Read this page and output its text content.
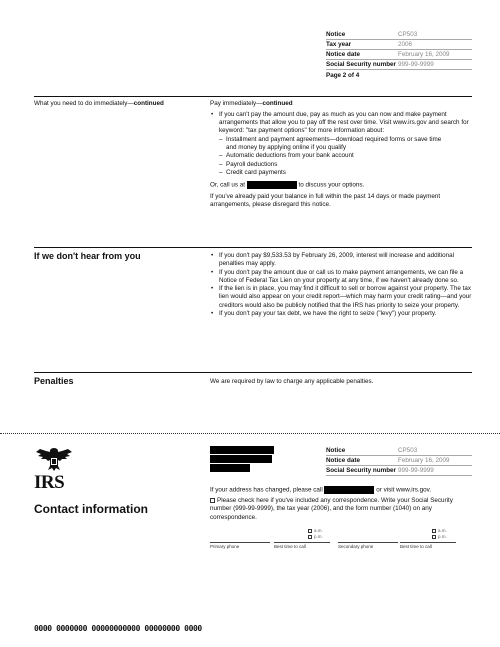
Notice	CP503
Tax year	2006
Notice date	February 16, 2009
Social Security number 999-99-9999
Page 2 of 4
What you need to do immediately—continued	Pay immediately—continued

• If you can't pay the amount due, pay as much as you can now and make payment arrangements that allow you to pay off the rest over time. Visit www.irs.gov and search for keyword: "tax payment options" for more information about:
– Installment and payment agreements—download required forms or save time
and money by applying online if you qualify
– Automatic deductions from your bank account
– Payroll deductions
– Credit card payments

Or, call us at	to discuss your options.

If you've already paid your balance in full within the past 14 days or made payment arrangements, please disregard this notice.

If we don't hear from you
•	If you don't pay $9,533.53 by February 26, 2009, interest will increase and additional penalties may apply.
• If you don't pay the amount due or call us to make payment arrangements, we can file a Notice of Federal Tax Lien on your property at any time, if we haven't already done so.
• If the lien is in place, you may find it difficult to sell or borrow against your property. The tax lien would also appear on your credit report—which may harm your credit rating—and your creditors would also be publicly notified that the IRS has priority to seize your property.
• If you don't pay your tax debt, we have the right to seize ("levy") your property.
Penalties	We are required by law to charge any applicable penalties.
IRS
Contact information
Notice	CP503
Notice date	February 16, 2009
Social Security number 999-99-9999

If your address has changed, please call	or visit www.irs.gov.

Please check here if you've included any correspondence. Write your Social Security number (999-99-9999), the tax year (2006), and the form number (1040) on any correspondence.

a.m.
p.m.
a.m.
p.m.
Primary phone	Best time to call	Secondary phone	Best time to call
0000 0000000 00000000000 00000000 0000
